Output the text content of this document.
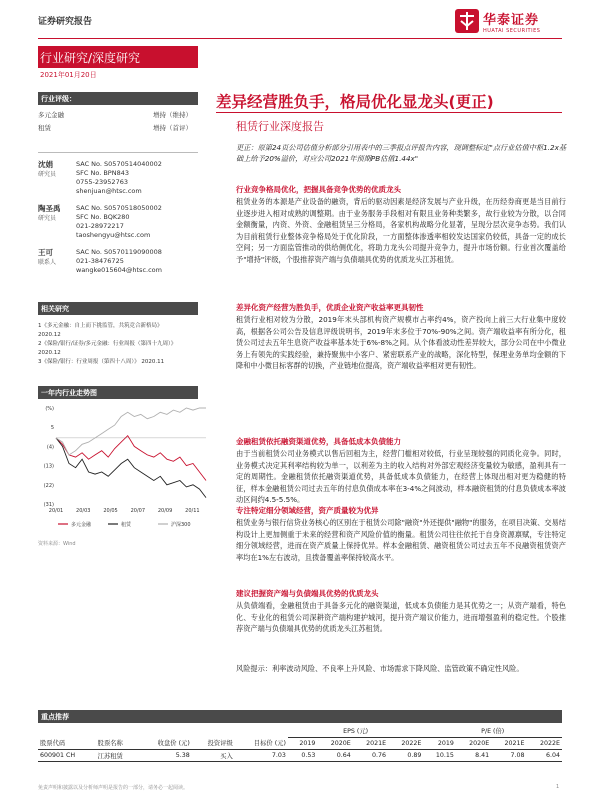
证券研究报告	华泰证券
HUATAI SECURITIES
行业研究/深度研究
2021年01月20日
行业评级：
多元金融	增持（维持）
租赁	增持（首评）
沈娟
研究员
SAC No. S0570514040002
SFC No. BPN843
0755-23952763
shenjuan@htsc.com
陶圣禹
研究员
SAC No. S0570518050002
SFC No. BQK280
021-28972217
taoshengyu@htsc.com
王可
联系人
SAC No. S0570119090008
021-38476725
wangke015604@htsc.com
相关研究
1《多元金融：自上而下挑监管，共筑竞合新格局》
2020.12
2《保险/银行/证券/多元金融：行业周报（第四十九周）》
2020.12
3《保险/银行：行业周报（第四十八周）》 2020.11
一年内行业走势图
(%)
5
(4)
(13)
(22)
(31)
20/01	20/03	20/05	20/07	20/09	20/11
多元金融	租赁	沪深300
资料来源：Wind
差异经营胜负手，格局优化显龙头(更正)
租赁行业深度报告
更正：原第24页公司估值分析部分引用表中的三季报点评报告内容，现调整标定"点行业估值中枢1.2x基础上给予20%溢价，对应公司2021年预期PB估值1.44x"
行业竞争格局优化，把握具备竞争优势的优质龙头
租赁业务的本源是产业设备的融资，背后的驱动因素是经济发展与产业升级，在历经券商更是当目前行业逐步进入相对成熟的调整期。由于业务服务手段相对有限且业务种类繁多，故行业较为分散，以合同金额衡量，内资、外资、金融租赁呈三分格局，各家机构战略分化显著，呈现分层次竞争态势。我们认为目前租赁行业整体竞争格局处于优化阶段，一方面整体渗透率相较发达国家仍较低，具备一定的成长空间；另一方面监管推动的供给侧优化，将助力龙头公司提升竞争力，提升市场份额。行业首次覆盖给予"增持"评级，个股推荐资产端与负债端具优势的优质龙头江苏租赁。
差异化资产经营为胜负手，优质企业资产收益率更具韧性
租赁行业相对较为分散，2019年末头部机构资产规模市占率约4%，资产投向上前三大行业集中度较高，根据各公司公告及信息评级说明书，2019年末多位于70%-90%之间。资产端收益率有所分化，租赁公司过去五年生息资产收益率基本处于6%-8%之间。从个体看波动性差异较大，部分公司在中小微业务上有领先的实践经验，兼持聚焦中小客户、紧密联系产业的战略，深化特型，保理业务单均金额的下降和中小微目标客群的切换，产业链地位提高，资产端收益率相对更有韧性。
金融租赁依托融资渠道优势，具备低成本负债能力
由于当前租赁公司业务模式以售后回租为主，经营门槛相对较低，行业呈现较强的同质化竞争。同时，业务模式决定其利率结构较为单一，以利差为主的收入结构对外部宏观经济变量较为敏感，盈利具有一定的周期性。金融租赁依托融资渠道优势，具备低成本负债能力，在经营上体现出相对更为稳健的特征，样本金融租赁公司过去五年的付息负债成本率在3-4%之间波动，样本融资租赁的付息负债成本率波动区间约4.5-5.5%。
专注特定细分领域经营，资产质量较为优异
租赁业务与银行信贷业务核心的区别在于租赁公司除"融资"外还提供"融物"的服务，在项目决策、交易结构设计上更加侧重于未来的经营和资产风险价值的衡量。租赁公司往往依托于自身资源禀赋，专注特定细分领域经营，进而在资产质量上保持优异。样本金融租赁、融资租赁公司过去五年不良融资租赁资产率均在1%左右波动，且拨备覆盖率保持较高水平。
建议把握资产端与负债端具优势的优质龙头
从负债端看，金融租赁由于具备多元化的融资渠道，低成本负债能力是其优势之一；从资产端看，特色化、专业化的租赁公司深耕资产端构建护城河，提升资产端议价能力，进而增强盈利的稳定性。个股推荐资产端与负债端具优势的优质龙头江苏租赁。
风险提示：利率波动风险、不良率上升风险、市场需求下降风险、监管政策不确定性风险。
重点推荐
					EPS (元)				P/E (倍)			
股票代码	股票名称	收盘价 (元)	投资评级	目标价 (元)	2019	2020E	2021E	2022E	2019	2020E	2021E	2022E
600901 CH	江苏租赁	5.38	买入	7.03	0.53	0.64	0.76	0.89	10.15	8.41	7.08	6.04
免责声明和披露以及分析师声明是报告的一部分，请务必一起阅读。	1
